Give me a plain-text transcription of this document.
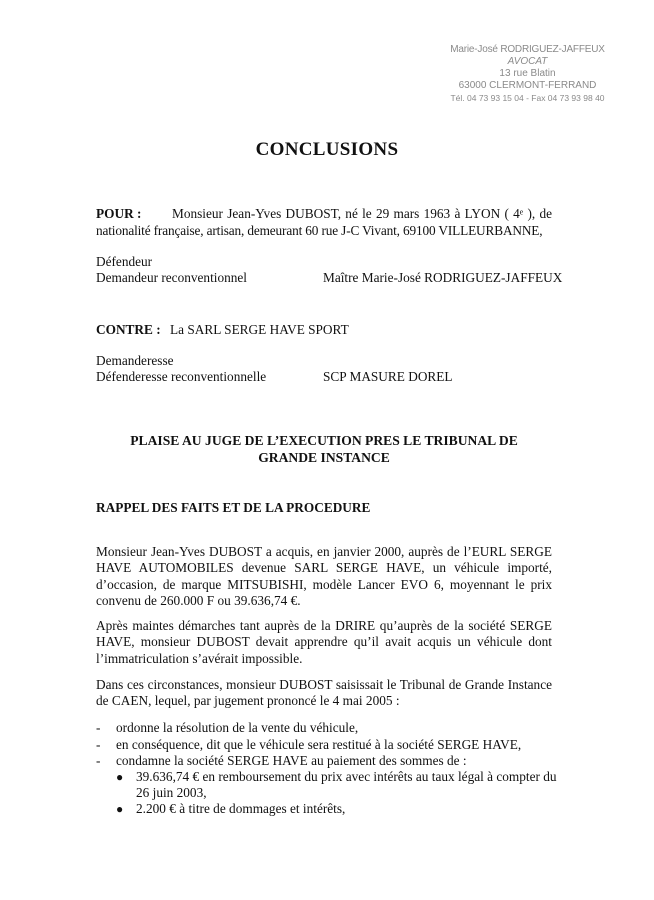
Marie-José RODRIGUEZ-JAFFEUX
AVOCAT
13 rue Blatin
63000 CLERMONT-FERRAND
Tél. 04 73 93 15 04 - Fax 04 73 93 98 40
CONCLUSIONS
POUR : Monsieur Jean-Yves DUBOST, né le 29 mars 1963 à LYON ( 4ᵉ ), de
nationalité française, artisan, demeurant 60 rue J-C Vivant, 69100 VILLEURBANNE,
Défendeur
Demandeur reconventionnel	Maître Marie-José RODRIGUEZ-JAFFEUX
CONTRE : La SARL SERGE HAVE SPORT
Demanderesse
Défenderesse reconventionnelle	SCP MASURE DOREL
PLAISE AU JUGE DE L’EXECUTION PRES LE TRIBUNAL DE
GRANDE INSTANCE
RAPPEL DES FAITS ET DE LA PROCEDURE
Monsieur Jean-Yves DUBOST a acquis, en janvier 2000, auprès de l’EURL SERGE HAVE AUTOMOBILES devenue SARL SERGE HAVE, un véhicule importé, d’occasion, de marque MITSUBISHI, modèle Lancer EVO 6, moyennant le prix convenu de 260.000 F ou 39.636,74 €.
Après maintes démarches tant auprès de la DRIRE qu’auprès de la société SERGE HAVE, monsieur DUBOST devait apprendre qu’il avait acquis un véhicule dont l’immatriculation s’avérait impossible.
Dans ces circonstances, monsieur DUBOST saisissait le Tribunal de Grande Instance de CAEN, lequel, par jugement prononcé le 4 mai 2005 :
- ordonne la résolution de la vente du véhicule,
- en conséquence, dit que le véhicule sera restitué à la société SERGE HAVE,
- condamne la société SERGE HAVE au paiement des sommes de :
● 39.636,74 € en remboursement du prix avec intérêts au taux légal à compter du 26 juin 2003,
● 2.200 € à titre de dommages et intérêts,
